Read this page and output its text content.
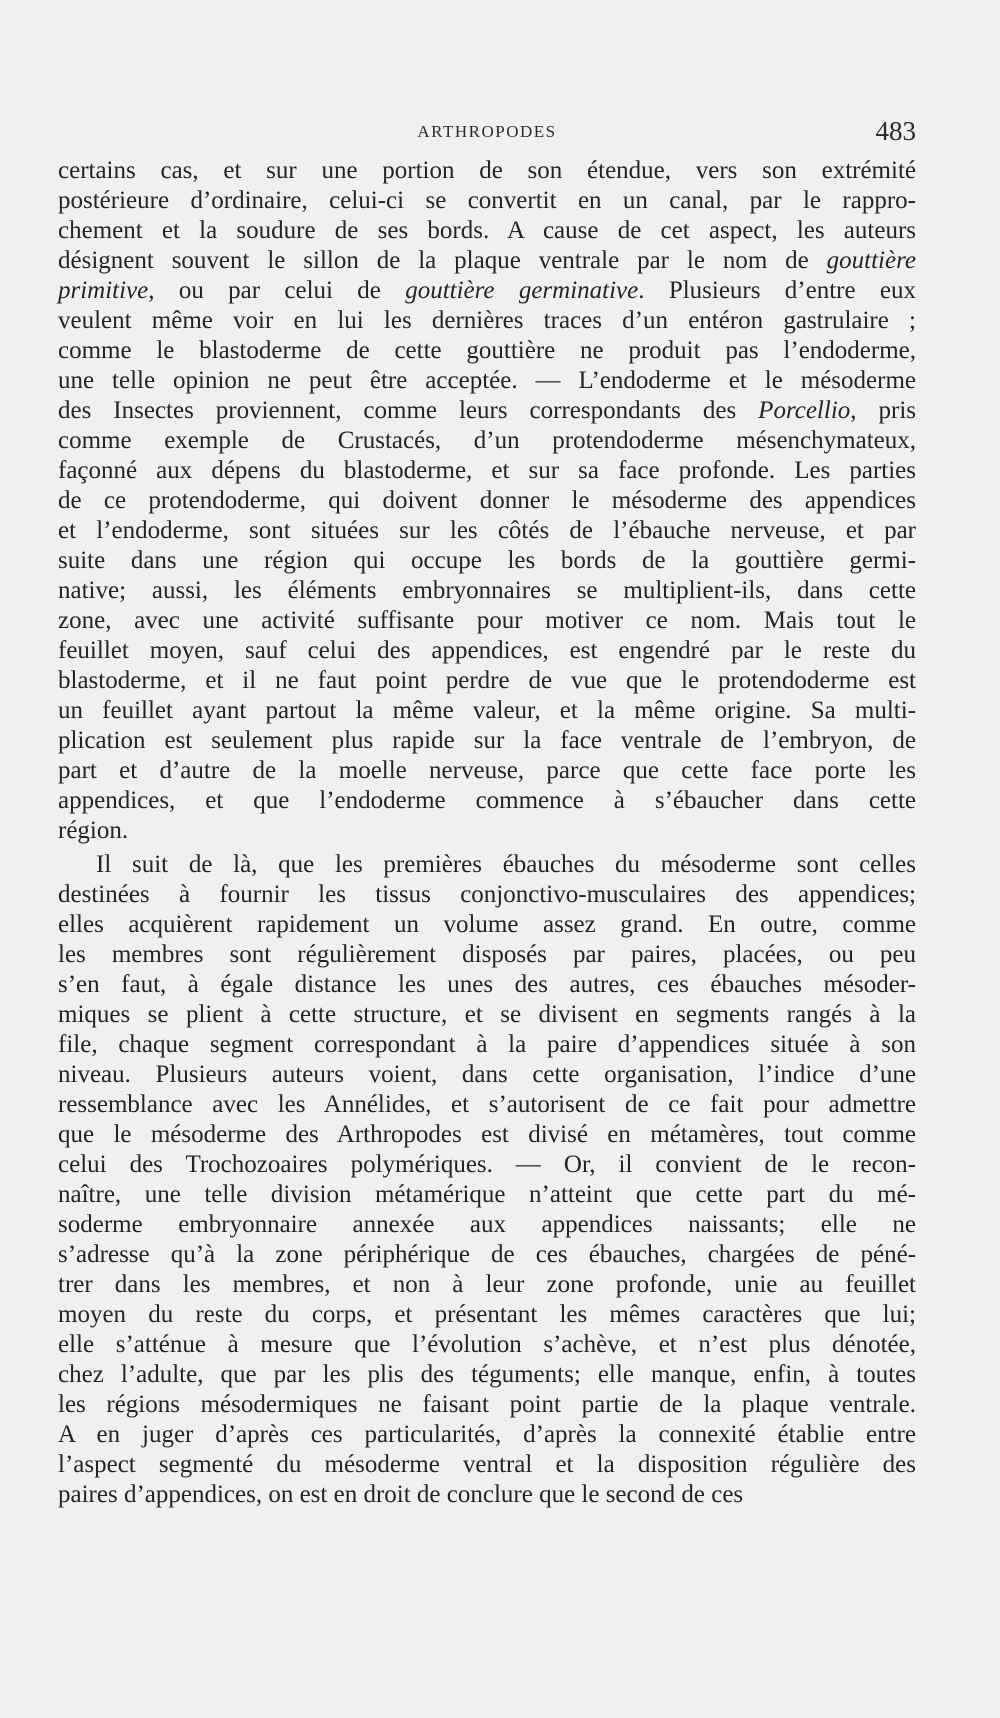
ARTHROPODES	483
certains cas, et sur une portion de son étendue, vers son extrémité
postérieure d’ordinaire, celui-ci se convertit en un canal, par le rappro-
chement et la soudure de ses bords. A cause de cet aspect, les auteurs
désignent souvent le sillon de la plaque ventrale par le nom de gouttière
primitive, ou par celui de gouttière germinative. Plusieurs d’entre eux
veulent même voir en lui les dernières traces d’un entéron gastrulaire ;
comme le blastoderme de cette gouttière ne produit pas l’endoderme,
une telle opinion ne peut être acceptée. — L’endoderme et le mésoderme
des Insectes proviennent, comme leurs correspondants des Porcellio, pris
comme exemple de Crustacés, d’un protendoderme mésenchymateux,
façonné aux dépens du blastoderme, et sur sa face profonde. Les parties
de ce protendoderme, qui doivent donner le mésoderme des appendices
et l’endoderme, sont situées sur les côtés de l’ébauche nerveuse, et par
suite dans une région qui occupe les bords de la gouttière germi-
native; aussi, les éléments embryonnaires se multiplient-ils, dans cette
zone, avec une activité suffisante pour motiver ce nom. Mais tout le
feuillet moyen, sauf celui des appendices, est engendré par le reste du
blastoderme, et il ne faut point perdre de vue que le protendoderme est
un feuillet ayant partout la même valeur, et la même origine. Sa multi-
plication est seulement plus rapide sur la face ventrale de l’embryon, de
part et d’autre de la moelle nerveuse, parce que cette face porte les
appendices, et que l’endoderme commence à s’ébaucher dans cette
région.
Il suit de là, que les premières ébauches du mésoderme sont celles
destinées à fournir les tissus conjonctivo-musculaires des appendices;
elles acquièrent rapidement un volume assez grand. En outre, comme
les membres sont régulièrement disposés par paires, placées, ou peu
s’en faut, à égale distance les unes des autres, ces ébauches mésoder-
miques se plient à cette structure, et se divisent en segments rangés à la
file, chaque segment correspondant à la paire d’appendices située à son
niveau. Plusieurs auteurs voient, dans cette organisation, l’indice d’une
ressemblance avec les Annélides, et s’autorisent de ce fait pour admettre
que le mésoderme des Arthropodes est divisé en métamères, tout comme
celui des Trochozoaires polymériques. — Or, il convient de le recon-
naître, une telle division métamérique n’atteint que cette part du mé-
soderme embryonnaire annexée aux appendices naissants; elle ne
s’adresse qu’à la zone périphérique de ces ébauches, chargées de péné-
trer dans les membres, et non à leur zone profonde, unie au feuillet
moyen du reste du corps, et présentant les mêmes caractères que lui;
elle s’atténue à mesure que l’évolution s’achève, et n’est plus dénotée,
chez l’adulte, que par les plis des téguments; elle manque, enfin, à toutes
les régions mésodermiques ne faisant point partie de la plaque ventrale.
A en juger d’après ces particularités, d’après la connexité établie entre
l’aspect segmenté du mésoderme ventral et la disposition régulière des
paires d’appendices, on est en droit de conclure que le second de ces
